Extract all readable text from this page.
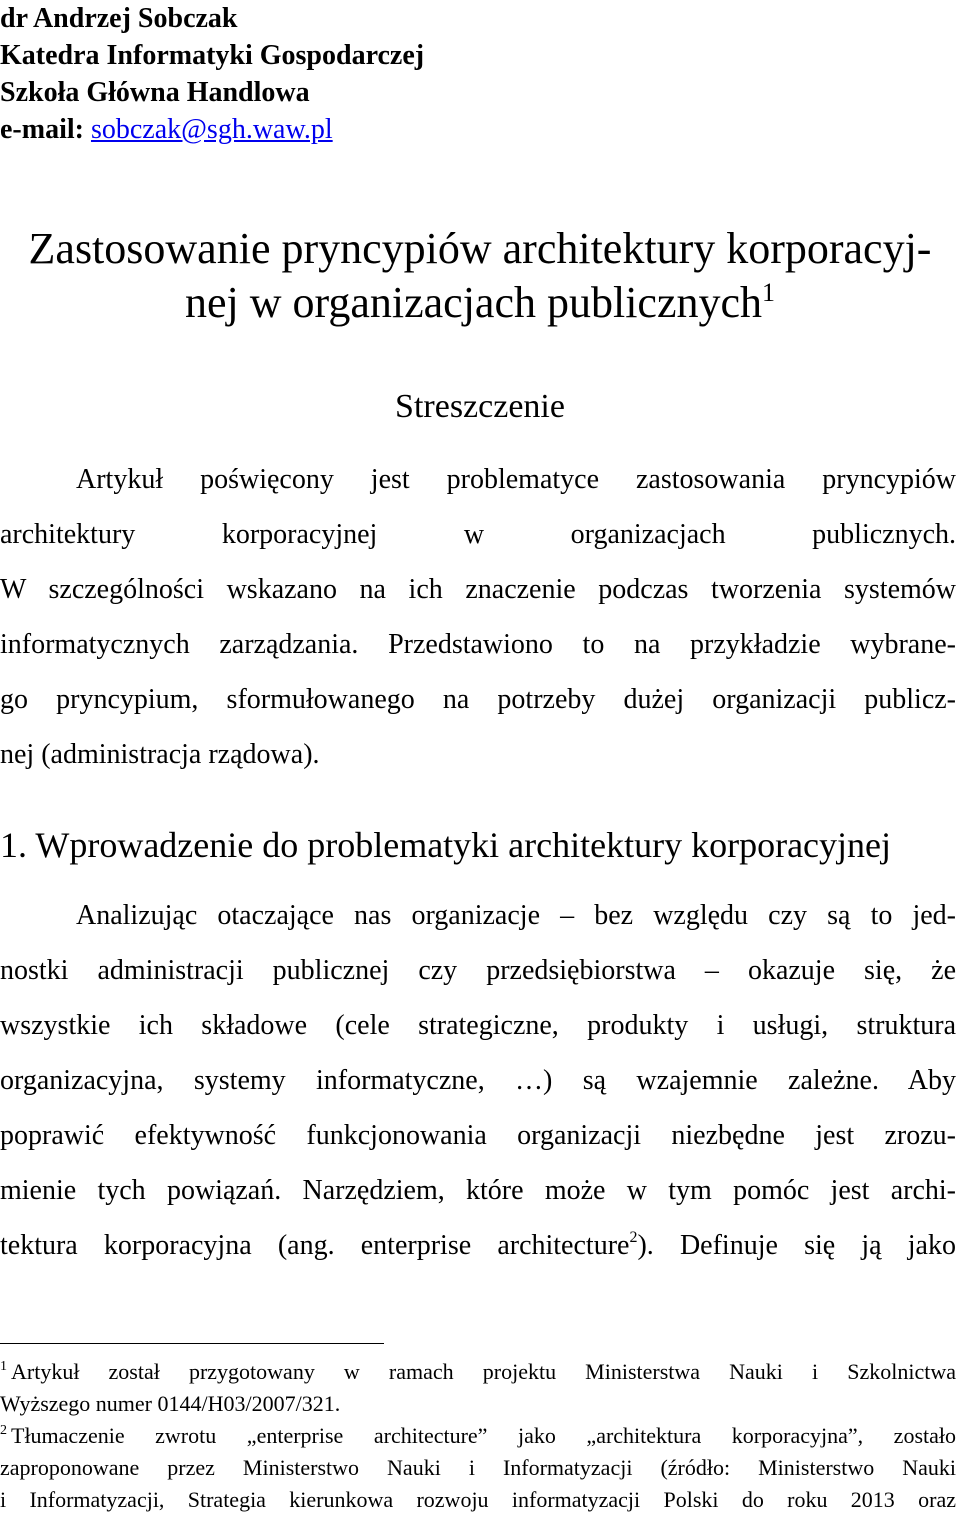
dr Andrzej Sobczak
Katedra Informatyki Gospodarczej
Szkoła Główna Handlowa
e-mail: sobczak@sgh.waw.pl
Zastosowanie pryncypiów architektury korporacyj-
nej w organizacjach publicznych$^1$
Streszczenie
Artykuł poświęcony jest problematyce zastosowania pryncypiów
architektury korporacyjnej w organizacjach publicznych.
W szczególności wskazano na ich znaczenie podczas tworzenia systemów
informatycznych zarządzania. Przedstawiono to na przykładzie wybrane-
go pryncypium, sformułowanego na potrzeby dużej organizacji publicz-
nej (administracja rządowa).
1. Wprowadzenie do problematyki architektury korporacyjnej
Analizując otaczające nas organizacje – bez względu czy są to jed-
nostki administracji publicznej czy przedsiębiorstwa – okazuje się, że
wszystkie ich składowe (cele strategiczne, produkty i usługi, struktura
organizacyjna, systemy informatyczne, …) są wzajemnie zależne. Aby
poprawić efektywność funkcjonowania organizacji niezbędne jest zrozu-
mienie tych powiązań. Narzędziem, które może w tym pomóc jest archi-
tektura korporacyjna (ang. enterprise architecture$^2$). Definuje się ją jako
$^1$ Artykuł został przygotowany w ramach projektu Ministerstwa Nauki i Szkolnictwa
Wyższego numer 0144/H03/2007/321.
$^2$ Tłumaczenie zwrotu „enterprise architecture” jako „architektura korporacyjna”, zostało
zaproponowane przez Ministerstwo Nauki i Informatyzacji (źródło: Ministerstwo Nauki
i Informatyzacji, Strategia kierunkowa rozwoju informatyzacji Polski do roku 2013 oraz
